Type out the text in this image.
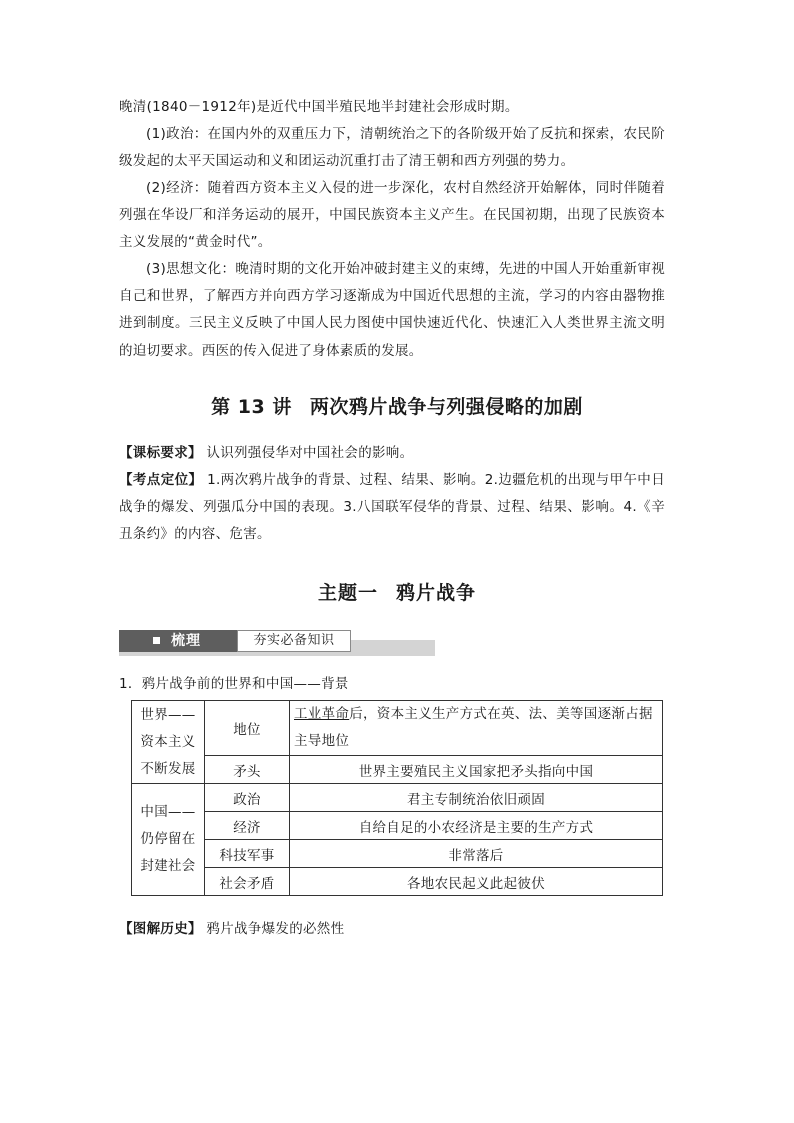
晚清(1840－1912年)是近代中国半殖民地半封建社会形成时期。

(1)政治：在国内外的双重压力下，清朝统治之下的各阶级开始了反抗和探索，农民阶级发起的太平天国运动和义和团运动沉重打击了清王朝和西方列强的势力。

(2)经济：随着西方资本主义入侵的进一步深化，农村自然经济开始解体，同时伴随着列强在华设厂和洋务运动的展开，中国民族资本主义产生。在民国初期，出现了民族资本主义发展的“黄金时代”。

(3)思想文化：晚清时期的文化开始冲破封建主义的束缚，先进的中国人开始重新审视自己和世界，了解西方并向西方学习逐渐成为中国近代思想的主流，学习的内容由器物推进到制度。三民主义反映了中国人民力图使中国快速近代化、快速汇入人类世界主流文明的迫切要求。西医的传入促进了身体素质的发展。

第 13 讲 两次鸦片战争与列强侵略的加剧

【课标要求】 认识列强侵华对中国社会的影响。

【考点定位】 1.两次鸦片战争的背景、过程、结果、影响。2.边疆危机的出现与甲午中日战争的爆发、列强瓜分中国的表现。3.八国联军侵华的背景、过程、结果、影响。4.《辛丑条约》的内容、危害。

主题一 鸦片战争
梳理	夯实必备知识

1．鸦片战争前的世界和中国——背景

世界——资本主义不断发展	地位	工业革命后，资本主义生产方式在英、法、美等国逐渐占据主导地位
	矛头	世界主要殖民主义国家把矛头指向中国
中国——仍停留在封建社会	政治	君主专制统治依旧顽固
	经济	自给自足的小农经济是主要的生产方式
	科技军事	非常落后
	社会矛盾	各地农民起义此起彼伏

【图解历史】 鸦片战争爆发的必然性
